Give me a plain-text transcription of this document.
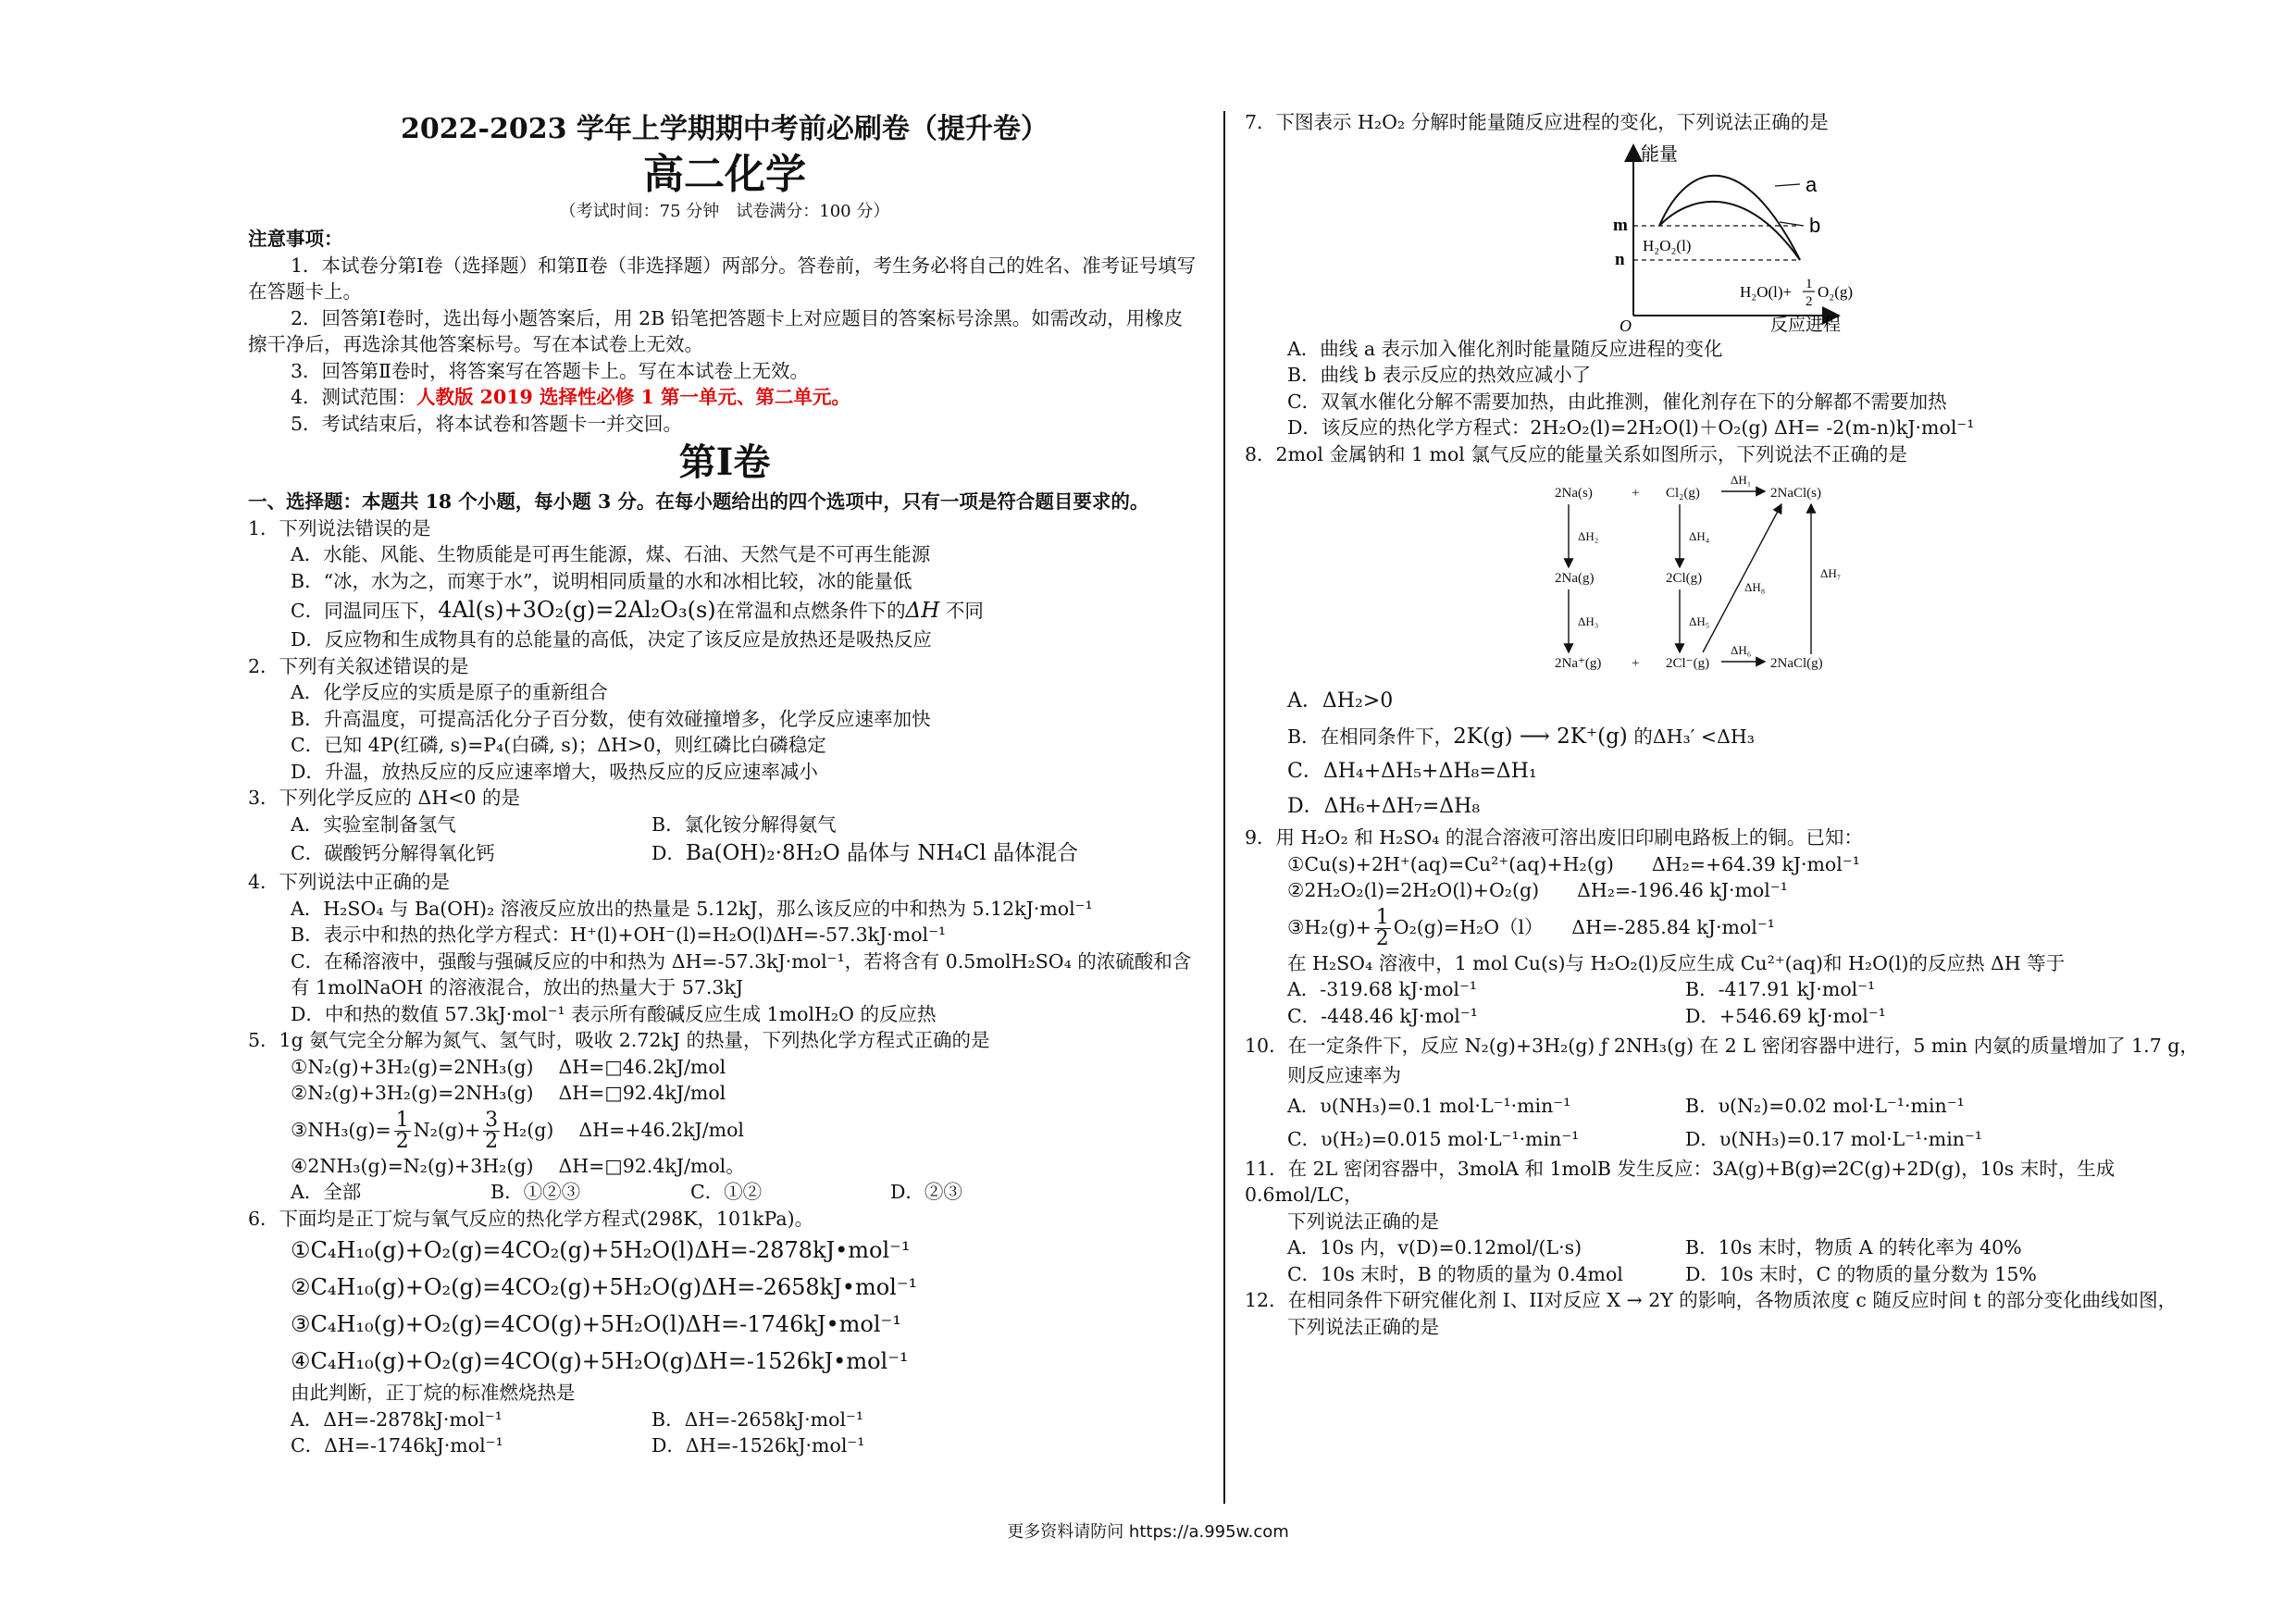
2022-2023 学年上学期期中考前必刷卷（提升卷）
高二化学
（考试时间：75 分钟　试卷满分：100 分）
注意事项：
1．本试卷分第Ⅰ卷（选择题）和第Ⅱ卷（非选择题）两部分。答卷前，考生务必将自己的姓名、准考证号填写在答题卡上。
2．回答第Ⅰ卷时，选出每小题答案后，用 2B 铅笔把答题卡上对应题目的答案标号涂黑。如需改动，用橡皮擦干净后，再选涂其他答案标号。写在本试卷上无效。
3．回答第Ⅱ卷时，将答案写在答题卡上。写在本试卷上无效。
4．测试范围：人教版 2019 选择性必修 1 第一单元、第二单元。
5．考试结束后，将本试卷和答题卡一并交回。
第Ⅰ卷
一、选择题：本题共 18 个小题，每小题 3 分。在每小题给出的四个选项中，只有一项是符合题目要求的。
1．下列说法错误的是
A．水能、风能、生物质能是可再生能源，煤、石油、天然气是不可再生能源
B．“冰，水为之，而寒于水”，说明相同质量的水和冰相比较，冰的能量低
C．同温同压下，4Al(s)+3O₂(g)=2Al₂O₃(s)在常温和点燃条件下的ΔH 不同
D．反应物和生成物具有的总能量的高低，决定了该反应是放热还是吸热反应
2．下列有关叙述错误的是
A．化学反应的实质是原子的重新组合
B．升高温度，可提高活化分子百分数，使有效碰撞增多，化学反应速率加快
C．已知 4P(红磷, s)=P₄(白磷, s)；ΔH>0，则红磷比白磷稳定
D．升温，放热反应的反应速率增大，吸热反应的反应速率减小
3．下列化学反应的 ΔH<0 的是
A．实验室制备氢气	B．氯化铵分解得氨气
C．碳酸钙分解得氧化钙	D．Ba(OH)₂·8H₂O 晶体与 NH₄Cl 晶体混合
4．下列说法中正确的是
A．H₂SO₄ 与 Ba(OH)₂ 溶液反应放出的热量是 5.12kJ，那么该反应的中和热为 5.12kJ·mol⁻¹
B．表示中和热的热化学方程式：H⁺(l)+OH⁻(l)=H₂O(l)ΔH=-57.3kJ·mol⁻¹
C．在稀溶液中，强酸与强碱反应的中和热为 ΔH=-57.3kJ·mol⁻¹，若将含有 0.5molH₂SO₄ 的浓硫酸和含有 1molNaOH 的溶液混合，放出的热量大于 57.3kJ
D．中和热的数值 57.3kJ·mol⁻¹ 表示所有酸碱反应生成 1molH₂O 的反应热
5．1g 氨气完全分解为氮气、氢气时，吸收 2.72kJ 的热量，下列热化学方程式正确的是
①N₂(g)+3H₂(g)=2NH₃(g)　 ΔH=□46.2kJ/mol
②N₂(g)+3H₂(g)=2NH₃(g)　 ΔH=□92.4kJ/mol
③NH₃(g)= $\frac{1}{2} N_2(g)+ \frac{3}{2} H_2(g)$　 ΔH=+46.2kJ/mol
④2NH₃(g)=N₂(g)+3H₂(g)　 ΔH=□92.4kJ/mol。
A．全部	B．①②③	C．①②	D．②③
6．下面均是正丁烷与氧气反应的热化学方程式(298K，101kPa)。
①C₄H₁₀(g)+O₂(g)=4CO₂(g)+5H₂O(l)ΔH=-2878kJ•mol⁻¹
②C₄H₁₀(g)+O₂(g)=4CO₂(g)+5H₂O(g)ΔH=-2658kJ•mol⁻¹
③C₄H₁₀(g)+O₂(g)=4CO(g)+5H₂O(l)ΔH=-1746kJ•mol⁻¹
④C₄H₁₀(g)+O₂(g)=4CO(g)+5H₂O(g)ΔH=-1526kJ•mol⁻¹
由此判断，正丁烷的标准燃烧热是
A．ΔH=-2878kJ·mol⁻¹	B．ΔH=-2658kJ·mol⁻¹
C．ΔH=-1746kJ·mol⁻¹	D．ΔH=-1526kJ·mol⁻¹
7．下图表示 H₂O₂ 分解时能量随反应进程的变化，下列说法正确的是
能量
反应进程
O
m
n
a
b
H₂O₂(l)
H₂O(l)+ 1
2
O₂(g)
A．曲线 a 表示加入催化剂时能量随反应进程的变化
B．曲线 b 表示反应的热效应减小了
C．双氧水催化分解不需要加热，由此推测，催化剂存在下的分解都不需要加热
D．该反应的热化学方程式：2H₂O₂(l)=2H₂O(l)＋O₂(g) ΔH= -2(m-n)kJ·mol⁻¹
8．2mol 金属钠和 1 mol 氯气反应的能量关系如图所示，下列说法不正确的是
2Na(s)	+ Cl₂(g)	2NaCl(s)
2Na(g)	2Cl(g)
2Na⁺(g) + 2Cl⁻(g)	2NaCl(g)
ΔH₁
ΔH₂
ΔH₃
ΔH₄
ΔH₅
ΔH₆
ΔH₇
ΔH₈
A．ΔH₂>0
B．在相同条件下，2K(g) ⟶ 2K⁺(g) 的ΔH₃′ <ΔH₃
C．ΔH₄+ΔH₅+ΔH₈=ΔH₁
D．ΔH₆+ΔH₇=ΔH₈
9．用 H₂O₂ 和 H₂SO₄ 的混合溶液可溶出废旧印刷电路板上的铜。已知：
①Cu(s)+2H⁺(aq)=Cu²⁺(aq)+H₂(g)　　ΔH₂=+64.39 kJ·mol⁻¹
②2H₂O₂(l)=2H₂O(l)+O₂(g)　　ΔH₂=-196.46 kJ·mol⁻¹
③H₂(g)+ $\frac{1}{2} O_2(g)=H_2O(l)$　　ΔH=-285.84 kJ·mol⁻¹
在 H₂SO₄ 溶液中，1 mol Cu(s)与 H₂O₂(l)反应生成 Cu²⁺(aq)和 H₂O(l)的反应热 ΔH 等于
A．-319.68 kJ·mol⁻¹	B．-417.91 kJ·mol⁻¹
C．-448.46 kJ·mol⁻¹	D．+546.69 kJ·mol⁻¹
10．在一定条件下，反应 N₂(g)+3H₂(g) ƒ 2NH₃(g) 在 2 L 密闭容器中进行，5 min 内氨的质量增加了 1.7 g，
则反应速率为
A．υ(NH₃)=0.1 mol·L⁻¹·min⁻¹	B．υ(N₂)=0.02 mol·L⁻¹·min⁻¹
C．υ(H₂)=0.015 mol·L⁻¹·min⁻¹	D．υ(NH₃)=0.17 mol·L⁻¹·min⁻¹
11．在 2L 密闭容器中，3molA 和 1molB 发生反应：3A(g)+B(g)⇌2C(g)+2D(g)，10s 末时，生成 0.6mol/LC，
下列说法正确的是
A．10s 内，v(D)=0.12mol/(L·s)	B．10s 末时，物质 A 的转化率为 40%
C．10s 末时，B 的物质的量为 0.4mol	D．10s 末时，C 的物质的量分数为 15%
12．在相同条件下研究催化剂 I、II对反应 X → 2Y 的影响，各物质浓度 c 随反应时间 t 的部分变化曲线如图，
下列说法正确的是
更多资料请防问 https://a.995w.com
